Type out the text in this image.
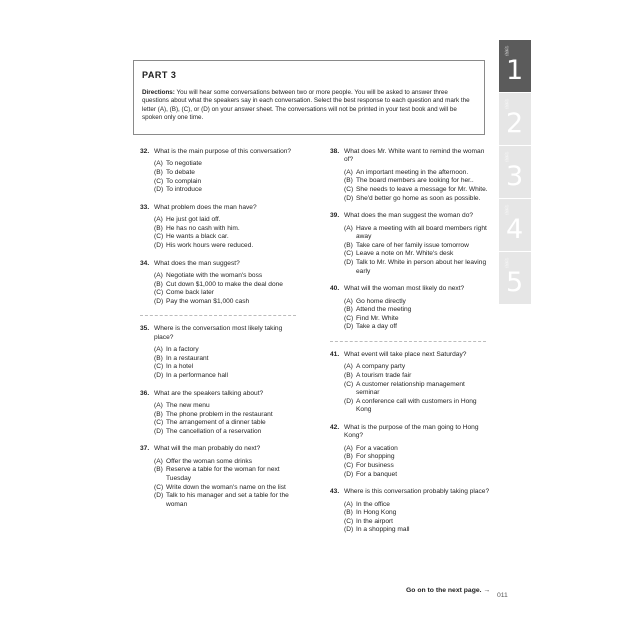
PART 3
Directions: You will hear some conversations between two or more people. You will be asked to answer three questions about what the speakers say in each conversation. Select the best response to each question and mark the letter (A), (B), (C), or (D) on your answer sheet. The conversations will not be printed in your test book and will be spoken only one time.
32. What is the main purpose of this conversation?
(A) To negotiate
(B) To debate
(C) To complain
(D) To introduce
33. What problem does the man have?
(A) He just got laid off.
(B) He has no cash with him.
(C) He wants a black car.
(D) His work hours were reduced.
34. What does the man suggest?
(A) Negotiate with the woman's boss
(B) Cut down $1,000 to make the deal done
(C) Come back later
(D) Pay the woman $1,000 cash
35. Where is the conversation most likely taking place?
(A) In a factory
(B) In a restaurant
(C) In a hotel
(D) In a performance hall
36. What are the speakers talking about?
(A) The new menu
(B) The phone problem in the restaurant
(C) The arrangement of a dinner table
(D) The cancellation of a reservation
37. What will the man probably do next?
(A) Offer the woman some drinks
(B) Reserve a table for the woman for next Tuesday
(C) Write down the woman's name on the list
(D) Talk to his manager and set a table for the woman
38. What does Mr. White want to remind the woman of?
(A) An important meeting in the afternoon.
(B) The board members are looking for her..
(C) She needs to leave a message for Mr. White.
(D) She'd better go home as soon as possible.
39. What does the man suggest the woman do?
(A) Have a meeting with all board members right away
(B) Take care of her family issue tomorrow
(C) Leave a note on Mr. White's desk
(D) Talk to Mr. White in person about her leaving early
40. What will the woman most likely do next?
(A) Go home directly
(B) Attend the meeting
(C) Find Mr. White
(D) Take a day off
41. What event will take place next Saturday?
(A) A company party
(B) A tourism trade fair
(C) A customer relationship management seminar
(D) A conference call with customers in Hong Kong
42. What is the purpose of the man going to Hong Kong?
(A) For a vacation
(B) For shopping
(C) For business
(D) For a banquet
43. Where is this conversation probably taking place?
(A) In the office
(B) In Hong Kong
(C) In the airport
(D) In a shopping mall
실전
1
실전
2
실전
3
실전
4
실전
5
Go on to the next page. →
011
